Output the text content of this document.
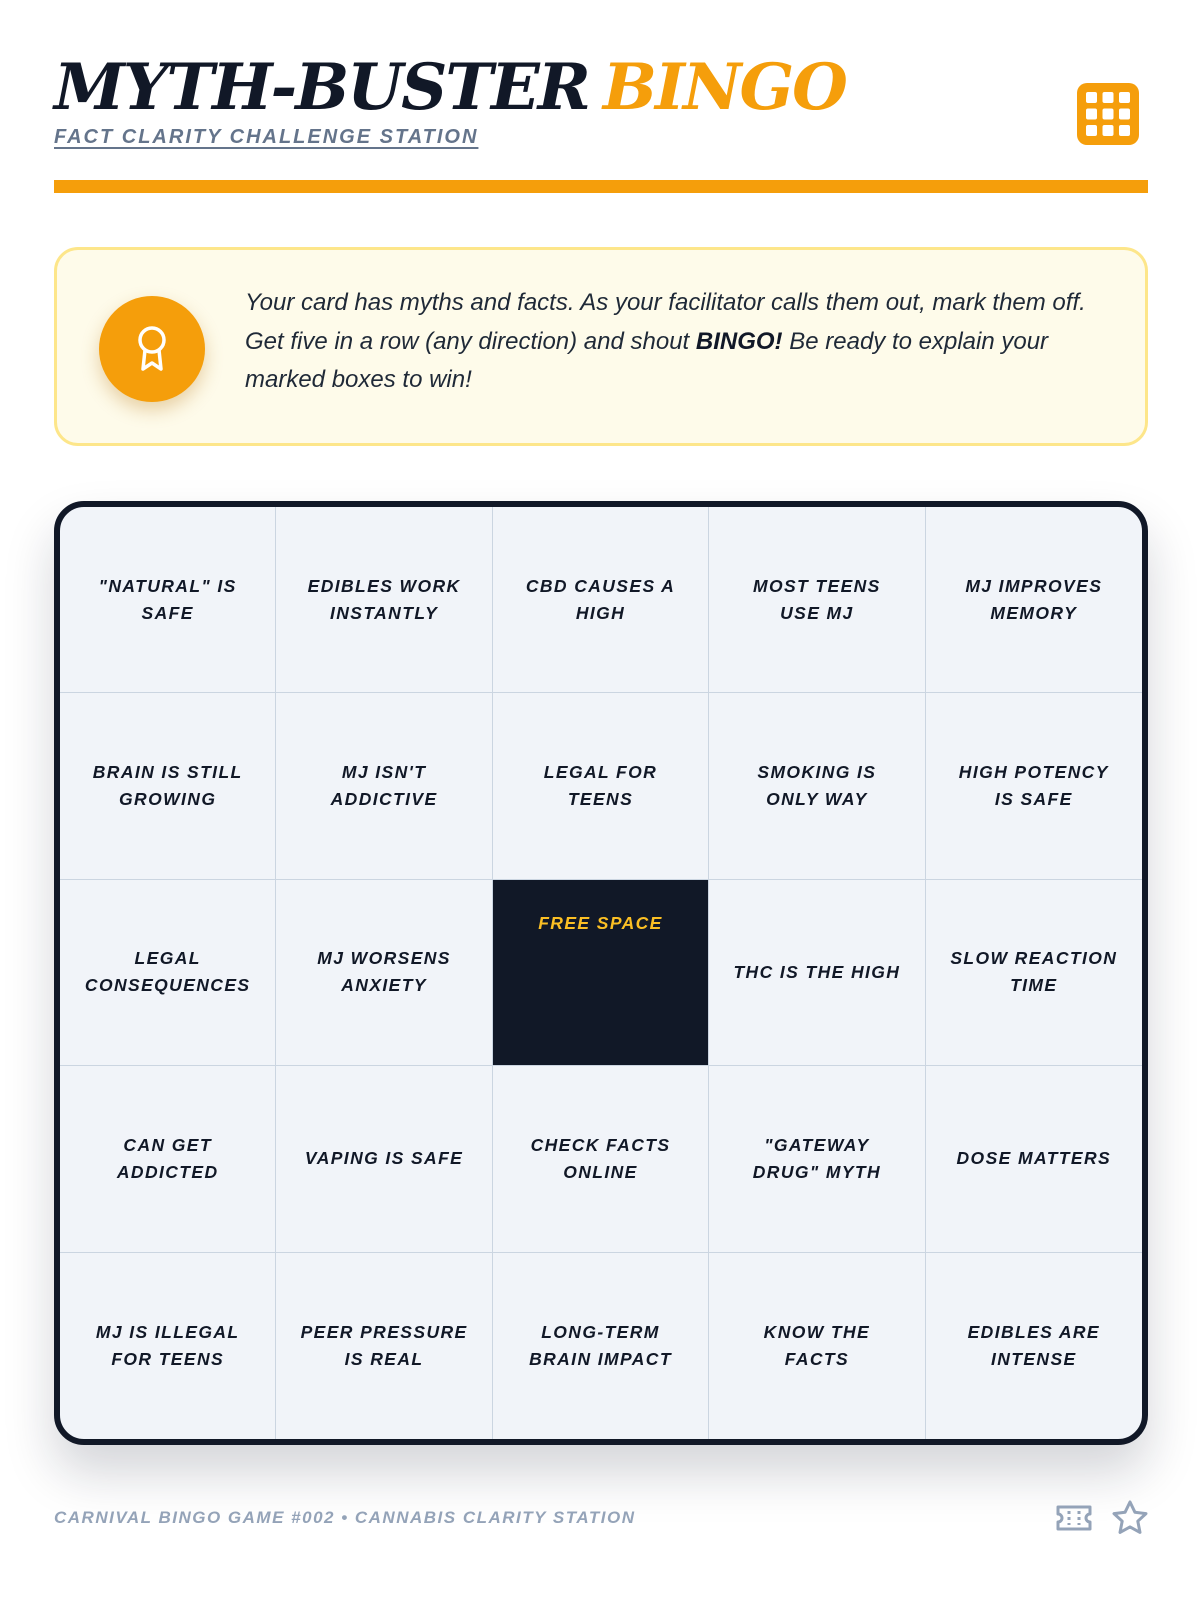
MYTH-BUSTER BINGO
FACT CLARITY CHALLENGE STATION

Your card has myths and facts. As your facilitator calls them out, mark them off. Get five in a row (any direction) and shout BINGO! Be ready to explain your marked boxes to win!

"NATURAL" IS SAFE
EDIBLES WORK INSTANTLY
CBD CAUSES A HIGH
MOST TEENS USE MJ
MJ IMPROVES MEMORY
BRAIN IS STILL GROWING
MJ ISN'T ADDICTIVE
LEGAL FOR TEENS
SMOKING IS ONLY WAY
HIGH POTENCY IS SAFE
LEGAL CONSEQUENCES
MJ WORSENS ANXIETY
FREE SPACE
THC IS THE HIGH
SLOW REACTION TIME
CAN GET ADDICTED
VAPING IS SAFE
CHECK FACTS ONLINE
"GATEWAY DRUG" MYTH
DOSE MATTERS
MJ IS ILLEGAL FOR TEENS
PEER PRESSURE IS REAL
LONG-TERM BRAIN IMPACT
KNOW THE FACTS
EDIBLES ARE INTENSE
CARNIVAL BINGO GAME #002 • CANNABIS CLARITY STATION
